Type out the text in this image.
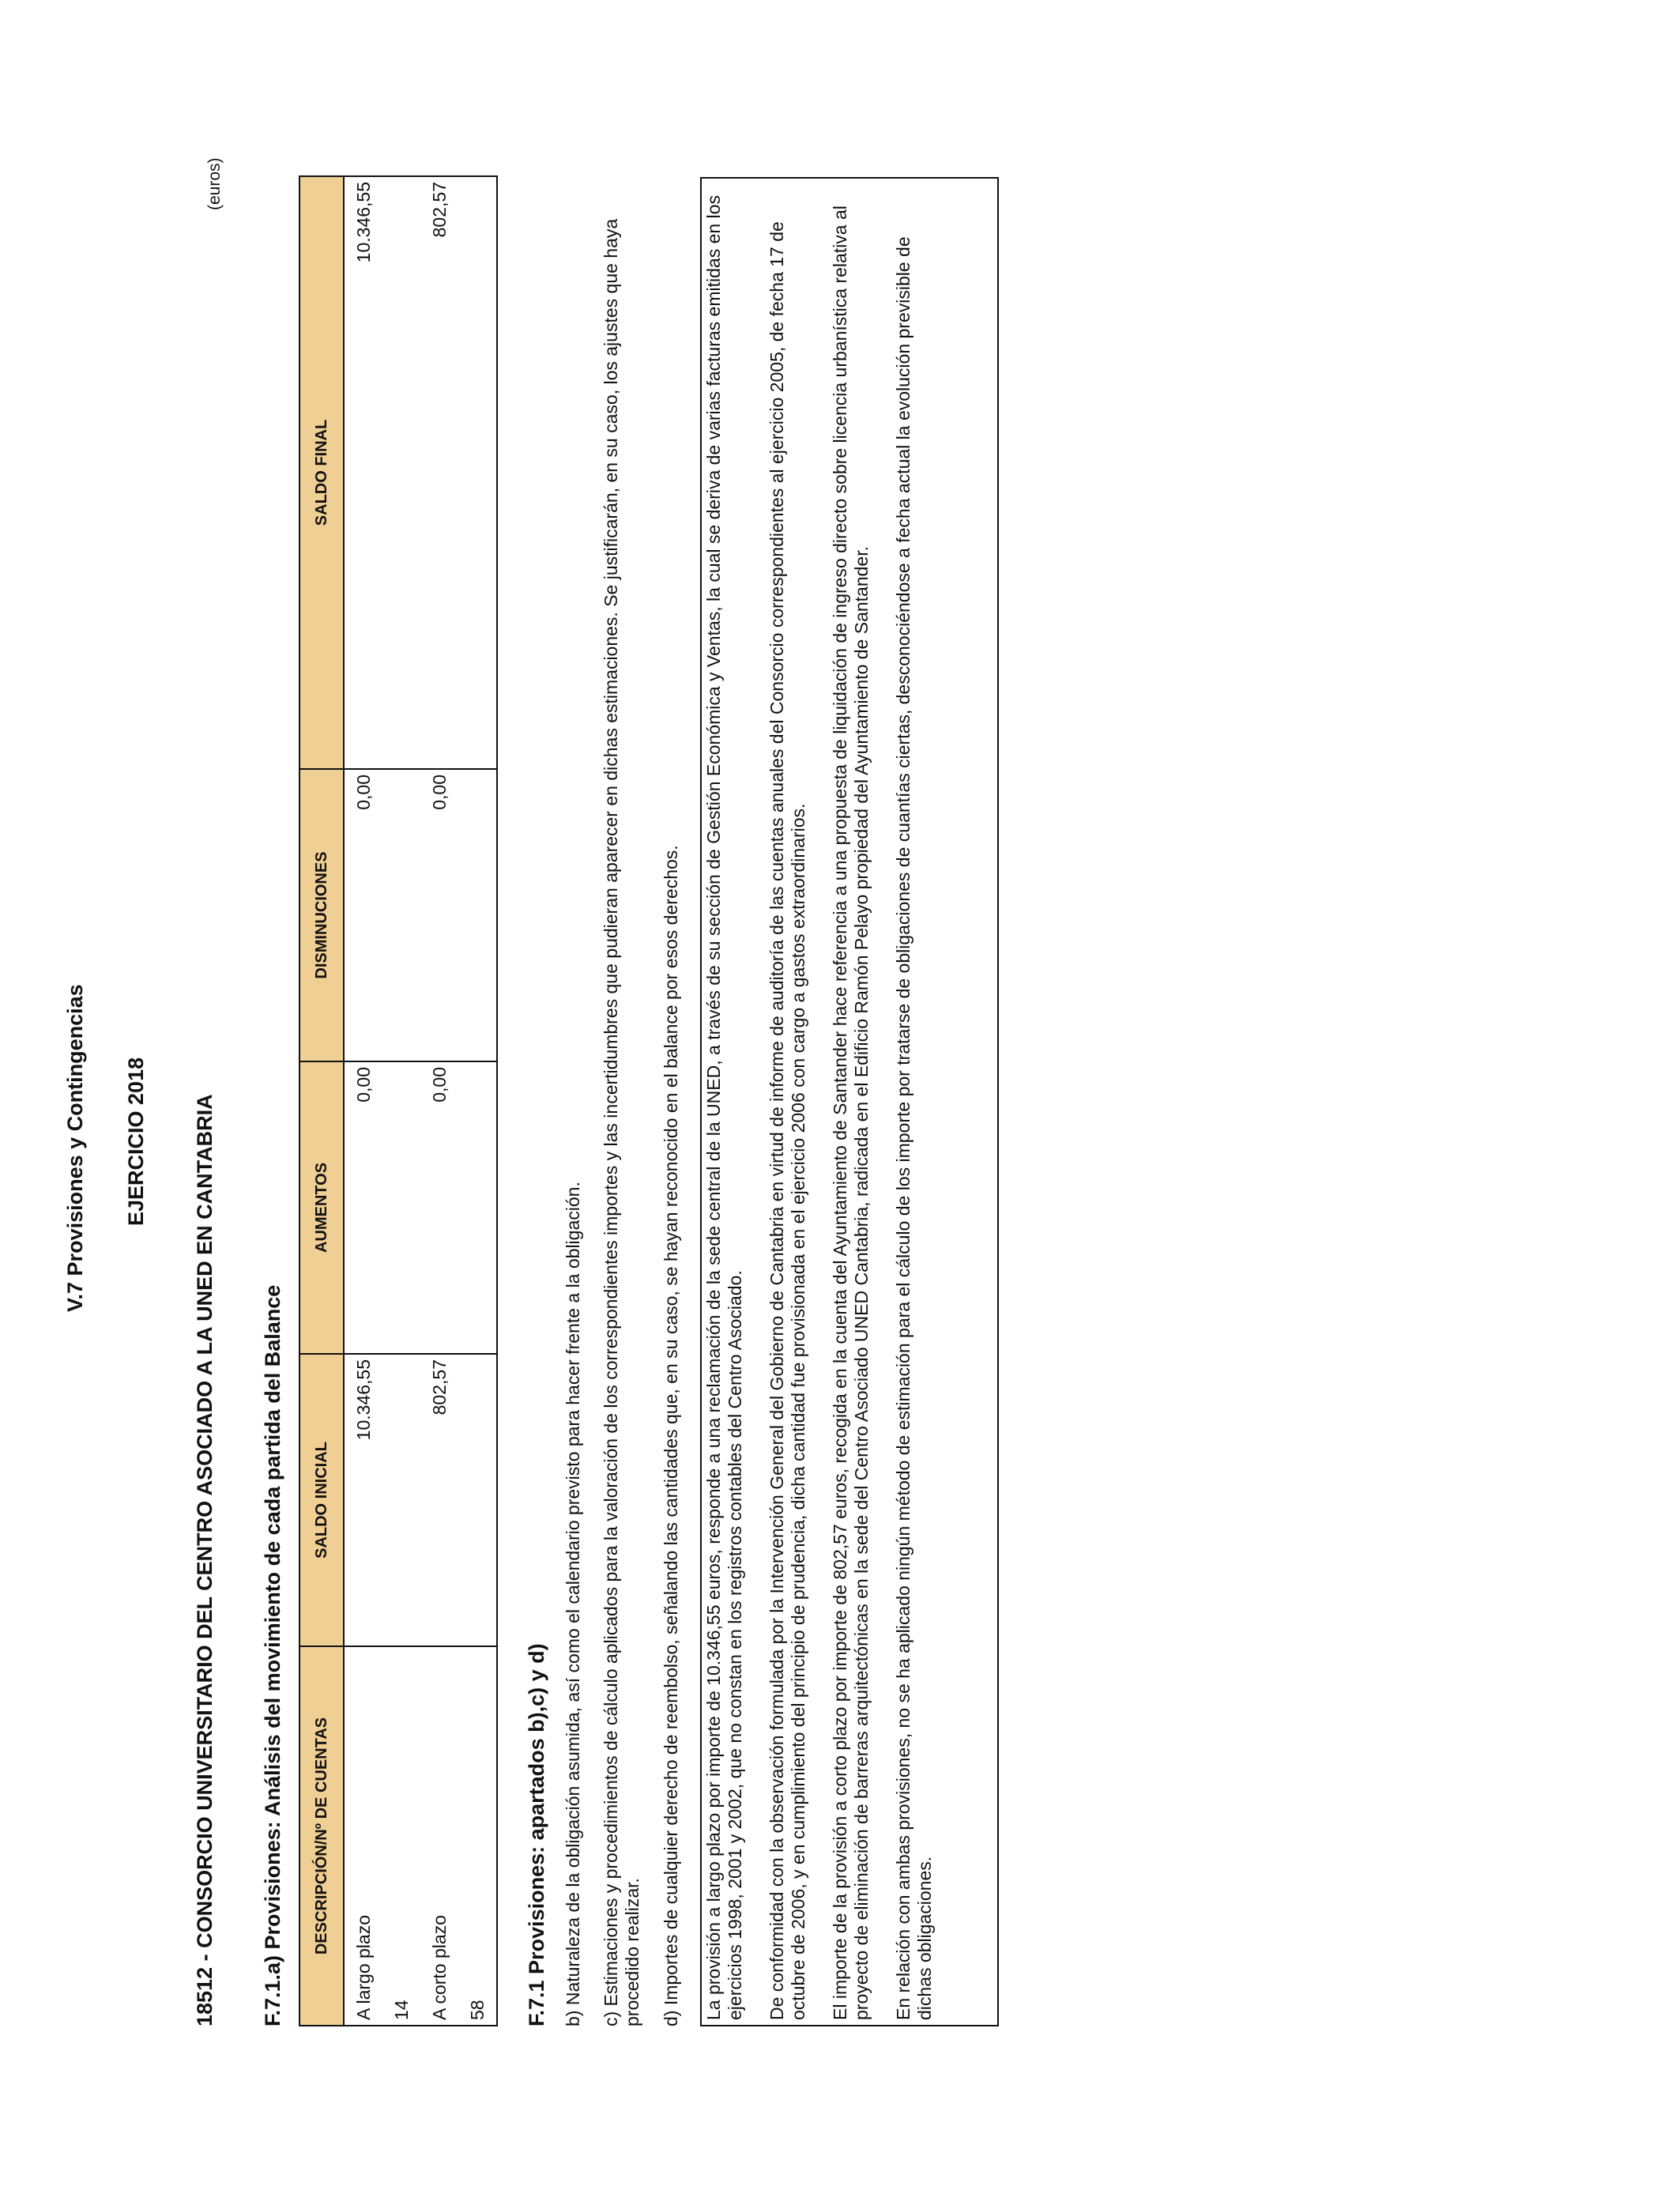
V.7 Provisiones y Contingencias EJERCICIO 2018 18512 - CONSORCIO UNIVERSITARIO DEL CENTRO ASOCIADO A LA UNED EN CANTABRIA
(euros)
F.7.1.a) Provisiones: Análisis del movimiento de cada partida del Balance DESCRIPCIÓN/Nº DE CUENTAS	SALDO INICIAL	AUMENTOS	DISMINUCIONES	SALDO FINAL
A largo plazo	10.346,55	0,00	0,00	10.346,55
14				
A corto plazo	802,57	0,00	0,00	802,57
58				F.7.1 Provisiones: apartados b),c) y d) b) Naturaleza de la obligación asumida, así como el calendario previsto para hacer frente a la obligación. c) Estimaciones y procedimientos de cálculo aplicados para la valoración de los correspondientes importes y las incertidumbres que pudieran aparecer en dichas estimaciones. Se justificarán, en su caso, los ajustes que haya procedido realizar. d) Importes de cualquier derecho de reembolso, señalando las cantidades que, en su caso, se hayan reconocido en el balance por esos derechos. La provisión a largo plazo por importe de 10.346,55 euros, responde a una reclamación de la sede central de la UNED, a través de su sección de Gestión Económica y Ventas, la cual se deriva de varias facturas emitidas en los ejercicios 1998, 2001 y 2002, que no constan en los registros contables del Centro Asociado. De conformidad con la observación formulada por la Intervención General del Gobierno de Cantabria en virtud de informe de auditoría de las cuentas anuales del Consorcio correspondientes al ejercicio 2005, de fecha 17 de octubre de 2006, y en cumplimiento del principio de prudencia, dicha cantidad fue provisionada en el ejercicio 2006 con cargo a gastos extraordinarios. El importe de la provisión a corto plazo por importe de 802,57 euros, recogida en la cuenta del Ayuntamiento de Santander hace referencia a una propuesta de liquidación de ingreso directo sobre licencia urbanística relativa al proyecto de eliminación de barreras arquitectónicas en la sede del Centro Asociado UNED Cantabria, radicada en el Edificio Ramón Pelayo propiedad del Ayuntamiento de Santander. En relación con ambas provisiones, no se ha aplicado ningún método de estimación para el cálculo de los importe por tratarse de obligaciones de cuantías ciertas, desconociéndose a fecha actual la evolución previsible de dichas obligaciones.
